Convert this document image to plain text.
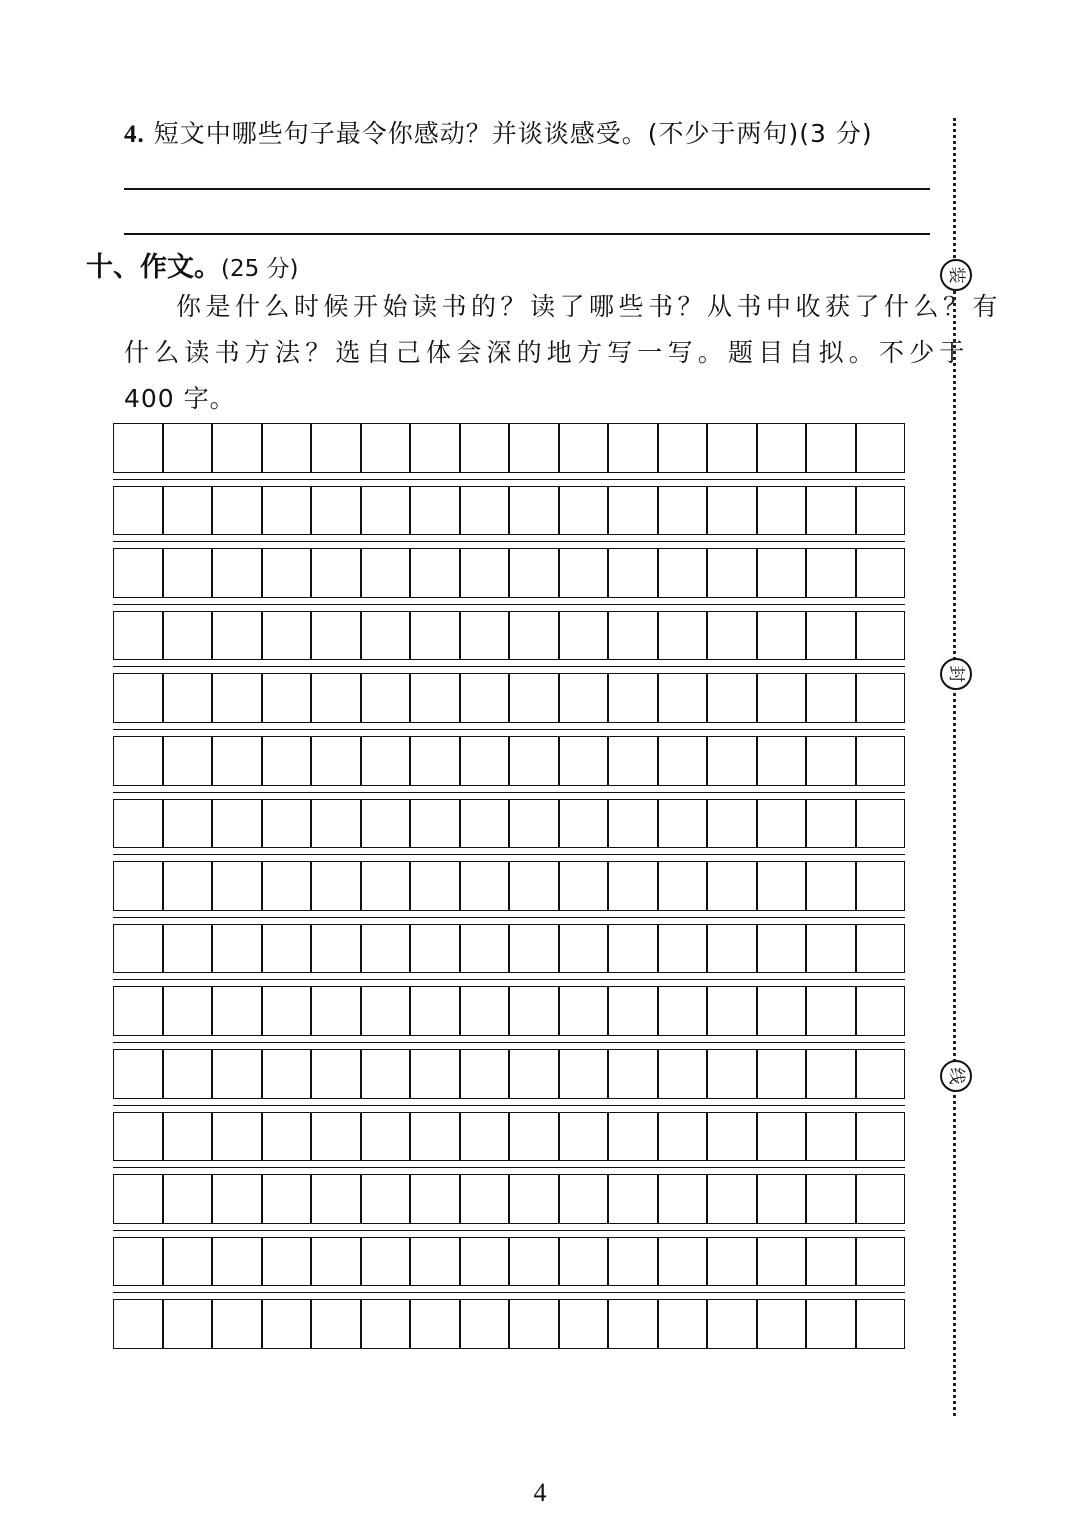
4. 短文中哪些句子最令你感动？并谈谈感受。(不少于两句)(3 分)
十、作文。(25 分)
你是什么时候开始读书的？读了哪些书？从书中收获了什么？有
什么读书方法？选自己体会深的地方写一写。题目自拟。不少于
400 字。
装
封
线
4
